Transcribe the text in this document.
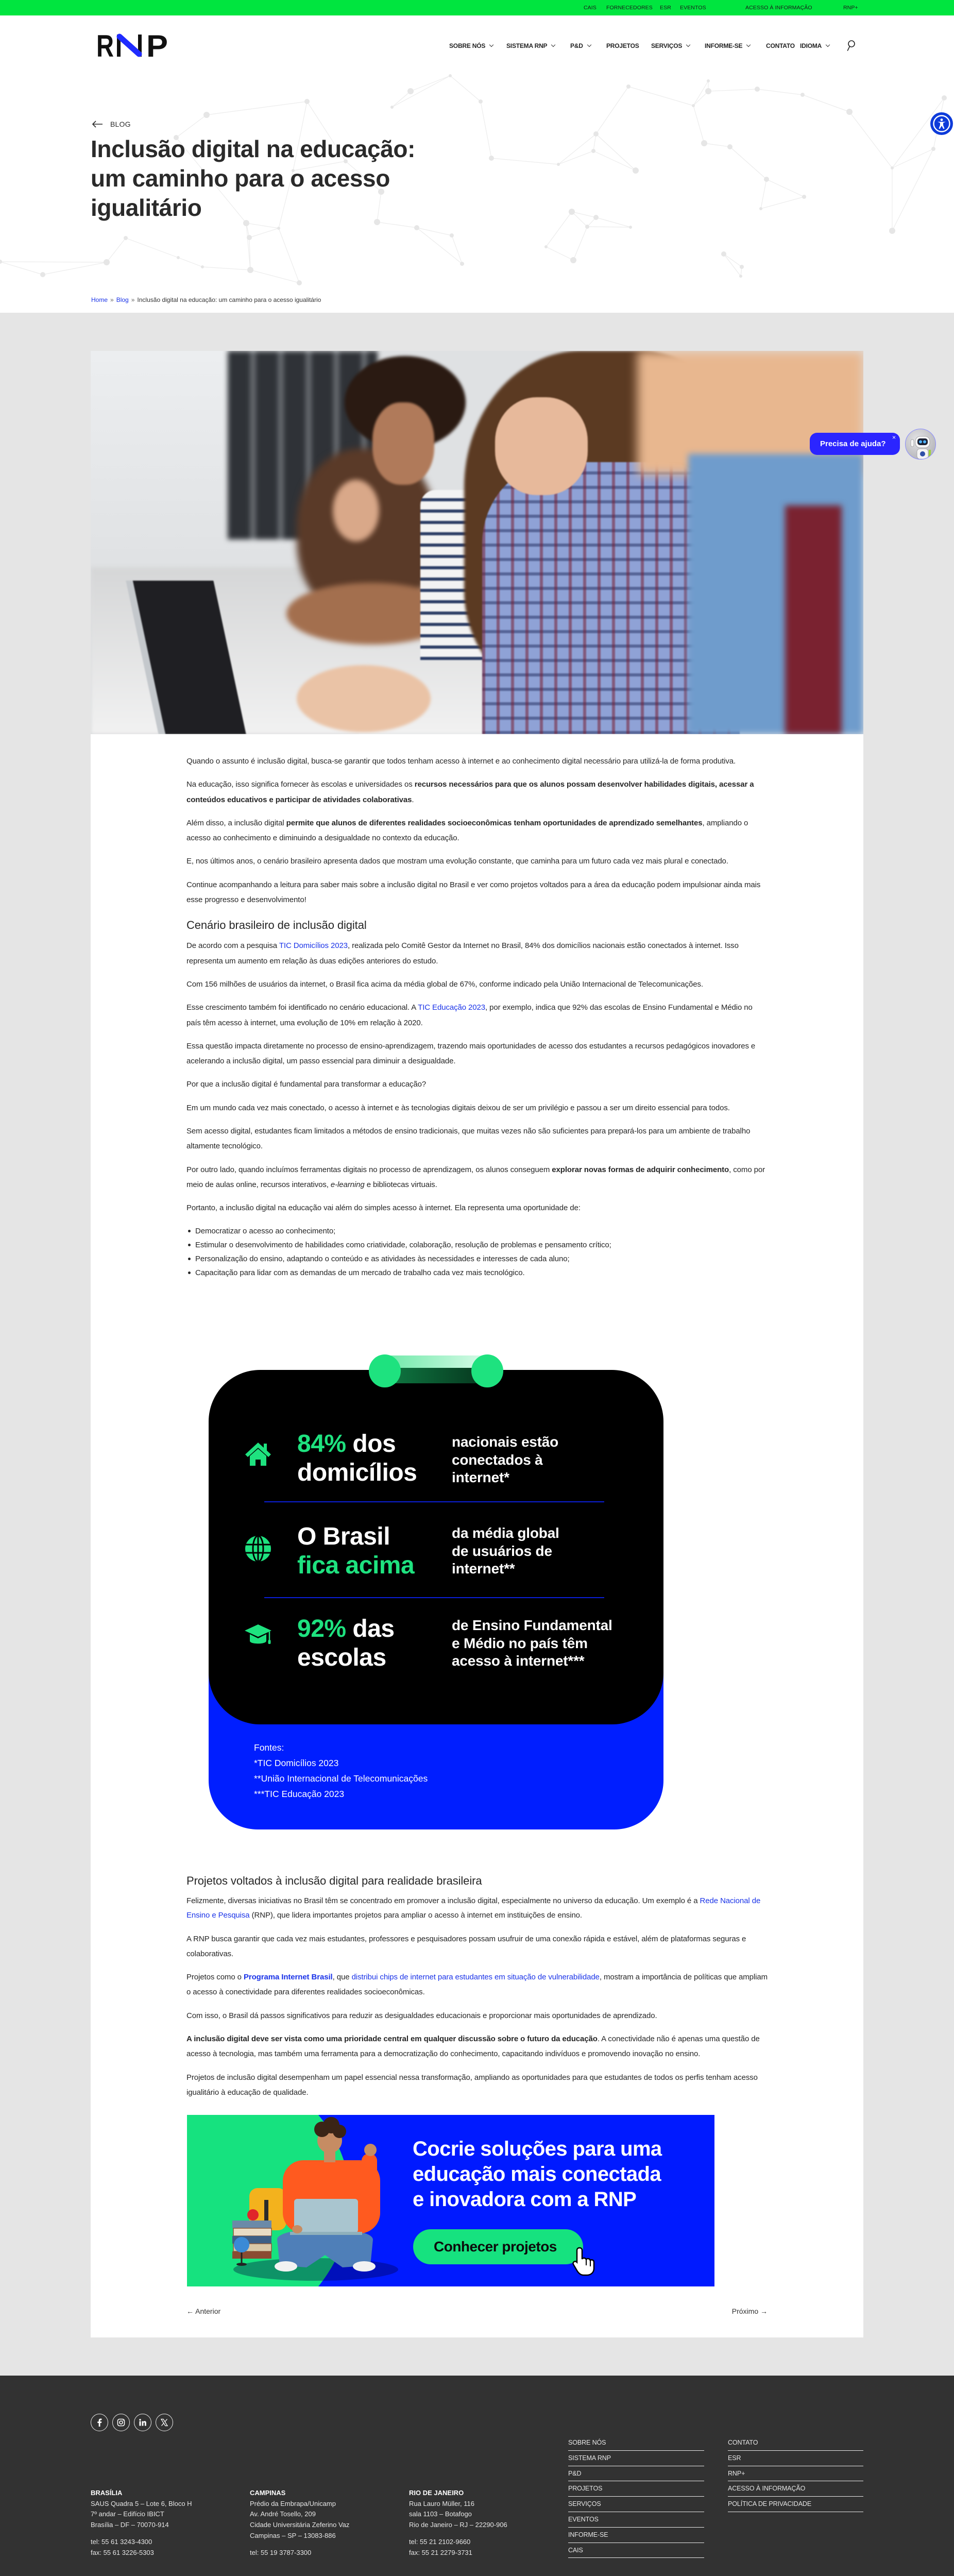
CAIS FORNECEDORES ESR EVENTOS	ACESSO À INFORMAÇÃO	RNP+
R P	SOBRE NÓS	SISTEMA RNP	P&D	PROJETOS SERVIÇOS	INFORME-SE	CONTATO IDIOMA
BLOG
Inclusão digital na educação: um caminho para o acesso igualitário
Home » Blog » Inclusão digital na educação: um caminho para o acesso igualitário

Quando o assunto é inclusão digital, busca-se garantir que todos tenham acesso à internet e ao conhecimento digital necessário para utilizá-la de forma produtiva.

Na educação, isso significa fornecer às escolas e universidades os recursos necessários para que os alunos possam desenvolver habilidades digitais, acessar a conteúdos educativos e participar de atividades colaborativas.

Além disso, a inclusão digital permite que alunos de diferentes realidades socioeconômicas tenham oportunidades de aprendizado semelhantes, ampliando o acesso ao conhecimento e diminuindo a desigualdade no contexto da educação.

E, nos últimos anos, o cenário brasileiro apresenta dados que mostram uma evolução constante, que caminha para um futuro cada vez mais plural e conectado.

Continue acompanhando a leitura para saber mais sobre a inclusão digital no Brasil e ver como projetos voltados para a área da educação podem impulsionar ainda mais esse progresso e desenvolvimento!

Cenário brasileiro de inclusão digital

De acordo com a pesquisa TIC Domicílios 2023, realizada pelo Comitê Gestor da Internet no Brasil, 84% dos domicílios nacionais estão conectados à internet. Isso representa um aumento em relação às duas edições anteriores do estudo.

Com 156 milhões de usuários da internet, o Brasil fica acima da média global de 67%, conforme indicado pela União Internacional de Telecomunicações.

Esse crescimento também foi identificado no cenário educacional. A TIC Educação 2023, por exemplo, indica que 92% das escolas de Ensino Fundamental e Médio no país têm acesso à internet, uma evolução de 10% em relação à 2020.

Essa questão impacta diretamente no processo de ensino-aprendizagem, trazendo mais oportunidades de acesso dos estudantes a recursos pedagógicos inovadores e acelerando a inclusão digital, um passo essencial para diminuir a desigualdade.

Por que a inclusão digital é fundamental para transformar a educação?

Em um mundo cada vez mais conectado, o acesso à internet e às tecnologias digitais deixou de ser um privilégio e passou a ser um direito essencial para todos.

Sem acesso digital, estudantes ficam limitados a métodos de ensino tradicionais, que muitas vezes não são suficientes para prepará-los para um ambiente de trabalho altamente tecnológico.

Por outro lado, quando incluímos ferramentas digitais no processo de aprendizagem, os alunos conseguem explorar novas formas de adquirir conhecimento, como por meio de aulas online, recursos interativos, e-learning e bibliotecas virtuais.

Portanto, a inclusão digital na educação vai além do simples acesso à internet. Ela representa uma oportunidade de:

Democratizar o acesso ao conhecimento;
Estimular o desenvolvimento de habilidades como criatividade, colaboração, resolução de problemas e pensamento crítico;
Personalização do ensino, adaptando o conteúdo e as atividades às necessidades e interesses de cada aluno;
Capacitação para lidar com as demandas de um mercado de trabalho cada vez mais tecnológico.
84% dos
domicílios
nacionais estão
conectados à
internet*
O Brasil
fica acima
da média global
de usuários de
internet**
92% das
escolas
de Ensino Fundamental
e Médio no país têm
acesso à internet***
Fontes:
*TIC Domicílios 2023
**União Internacional de Telecomunicações
***TIC Educação 2023
Projetos voltados à inclusão digital para realidade brasileira

Felizmente, diversas iniciativas no Brasil têm se concentrado em promover a inclusão digital, especialmente no universo da educação. Um exemplo é a Rede Nacional de Ensino e Pesquisa (RNP), que lidera importantes projetos para ampliar o acesso à internet em instituições de ensino.

A RNP busca garantir que cada vez mais estudantes, professores e pesquisadores possam usufruir de uma conexão rápida e estável, além de plataformas seguras e colaborativas.

Projetos como o Programa Internet Brasil, que distribui chips de internet para estudantes em situação de vulnerabilidade, mostram a importância de políticas que ampliam o acesso à conectividade para diferentes realidades socioeconômicas.

Com isso, o Brasil dá passos significativos para reduzir as desigualdades educacionais e proporcionar mais oportunidades de aprendizado.

A inclusão digital deve ser vista como uma prioridade central em qualquer discussão sobre o futuro da educação. A conectividade não é apenas uma questão de acesso à tecnologia, mas também uma ferramenta para a democratização do conhecimento, capacitando indivíduos e promovendo inovação no ensino.

Projetos de inclusão digital desempenham um papel essencial nessa transformação, ampliando as oportunidades para que estudantes de todos os perfis tenham acesso igualitário à educação de qualidade.

Cocrie soluções para uma
educação mais conectada
e inovadora com a RNP
Conhecer projetos
← Anterior	Próximo →
BRASÍLIA
SAUS Quadra 5 – Lote 6, Bloco H
7º andar – Edifício IBICT
Brasília – DF – 70070-914
tel: 55 61 3243-4300
fax: 55 61 3226-5303
CAMPINAS
Prédio da Embrapa/Unicamp
Av. André Tosello, 209
Cidade Universitária Zeferino Vaz
Campinas – SP – 13083-886
tel: 55 19 3787-3300
RIO DE JANEIRO
Rua Lauro Müller, 116
sala 1103 – Botafogo
Rio de Janeiro – RJ – 22290-906
tel: 55 21 2102-9660
fax: 55 21 2279-3731
SOBRE NÓS
SISTEMA RNP
P&D
PROJETOS
SERVIÇOS
EVENTOS
INFORME-SE
CAIS
CONTATO
ESR
RNP+
ACESSO À INFORMAÇÃO
POLÍTICA DE PRIVACIDADE
Precisa de ajuda?
×
